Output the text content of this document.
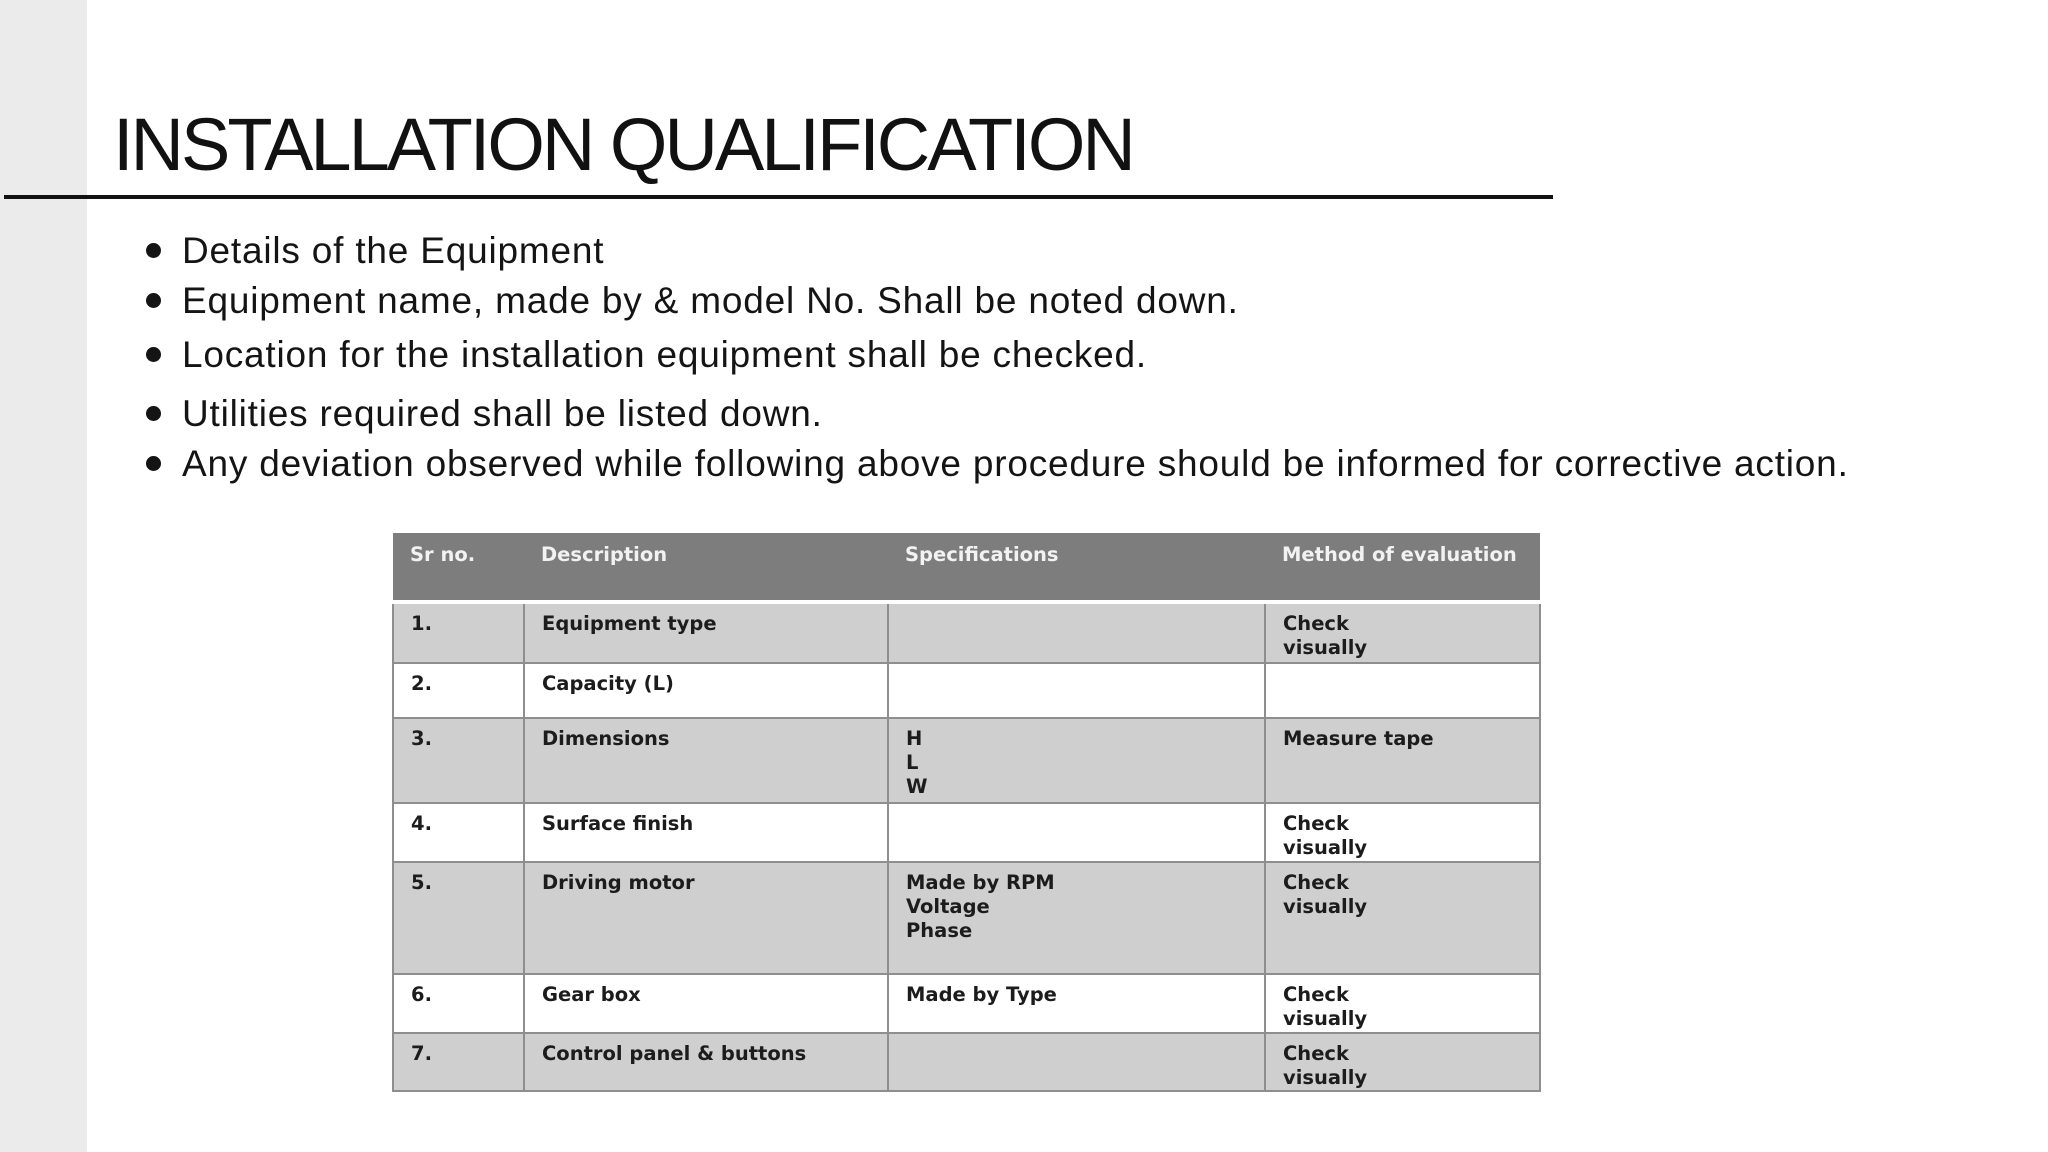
INSTALLATION QUALIFICATION
Details of the Equipment
Equipment name, made by & model No. Shall be noted down.
Location for the installation equipment shall be checked.
Utilities required shall be listed down.
Any deviation observed while following above procedure should be informed for corrective action.
Sr no.	Description	Specifications	Method of evaluation
1.	Equipment type		Check
visually

2.	Capacity (L)		
3.	Dimensions	H
L
W	Measure tape

4.	Surface finish		Check
visually

5.	Driving motor	Made by RPM
Voltage
Phase	Check
visually

6.	Gear box	Made by Type	Check
visually

7.	Control panel & buttons		Check
visually
